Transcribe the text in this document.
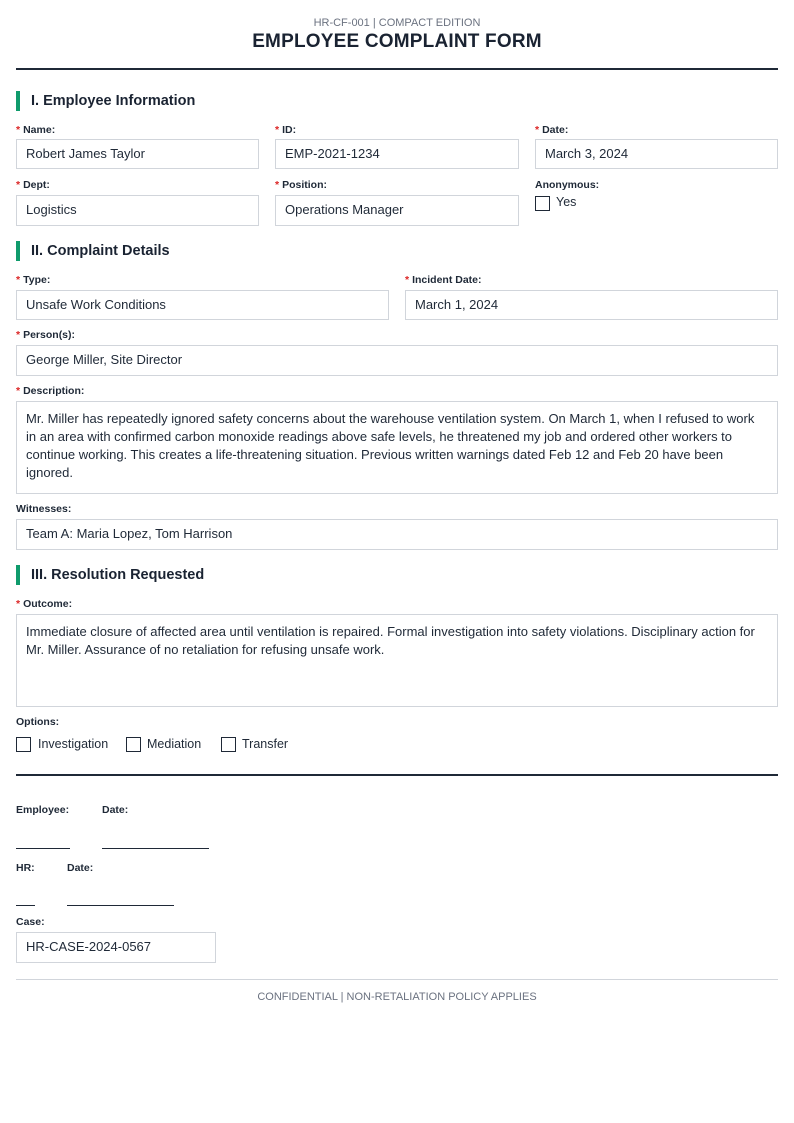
HR-CF-001 | COMPACT EDITION
EMPLOYEE COMPLAINT FORM
I. Employee Information
* Name:
Robert James Taylor
* ID:
EMP-2021-1234
* Date:
March 3, 2024
* Dept:
Logistics
* Position:
Operations Manager
Anonymous:
Yes
II. Complaint Details
* Type:
Unsafe Work Conditions
* Incident Date:
March 1, 2024
* Person(s):
George Miller, Site Director
* Description:
Mr. Miller has repeatedly ignored safety concerns about the warehouse ventilation system. On March 1, when I refused to work in an area with confirmed carbon monoxide readings above safe levels, he threatened my job and ordered other workers to continue working. This creates a life-threatening situation. Previous written warnings dated Feb 12 and Feb 20 have been ignored.
Witnesses:
Team A: Maria Lopez, Tom Harrison
III. Resolution Requested
* Outcome:
Immediate closure of affected area until ventilation is repaired. Formal investigation into safety violations. Disciplinary action for Mr. Miller. Assurance of no retaliation for refusing unsafe work.
Options:
Investigation	Mediation	Transfer
Employee:	Date:
HR:	Date:
Case:
HR-CASE-2024-0567
CONFIDENTIAL | NON-RETALIATION POLICY APPLIES
